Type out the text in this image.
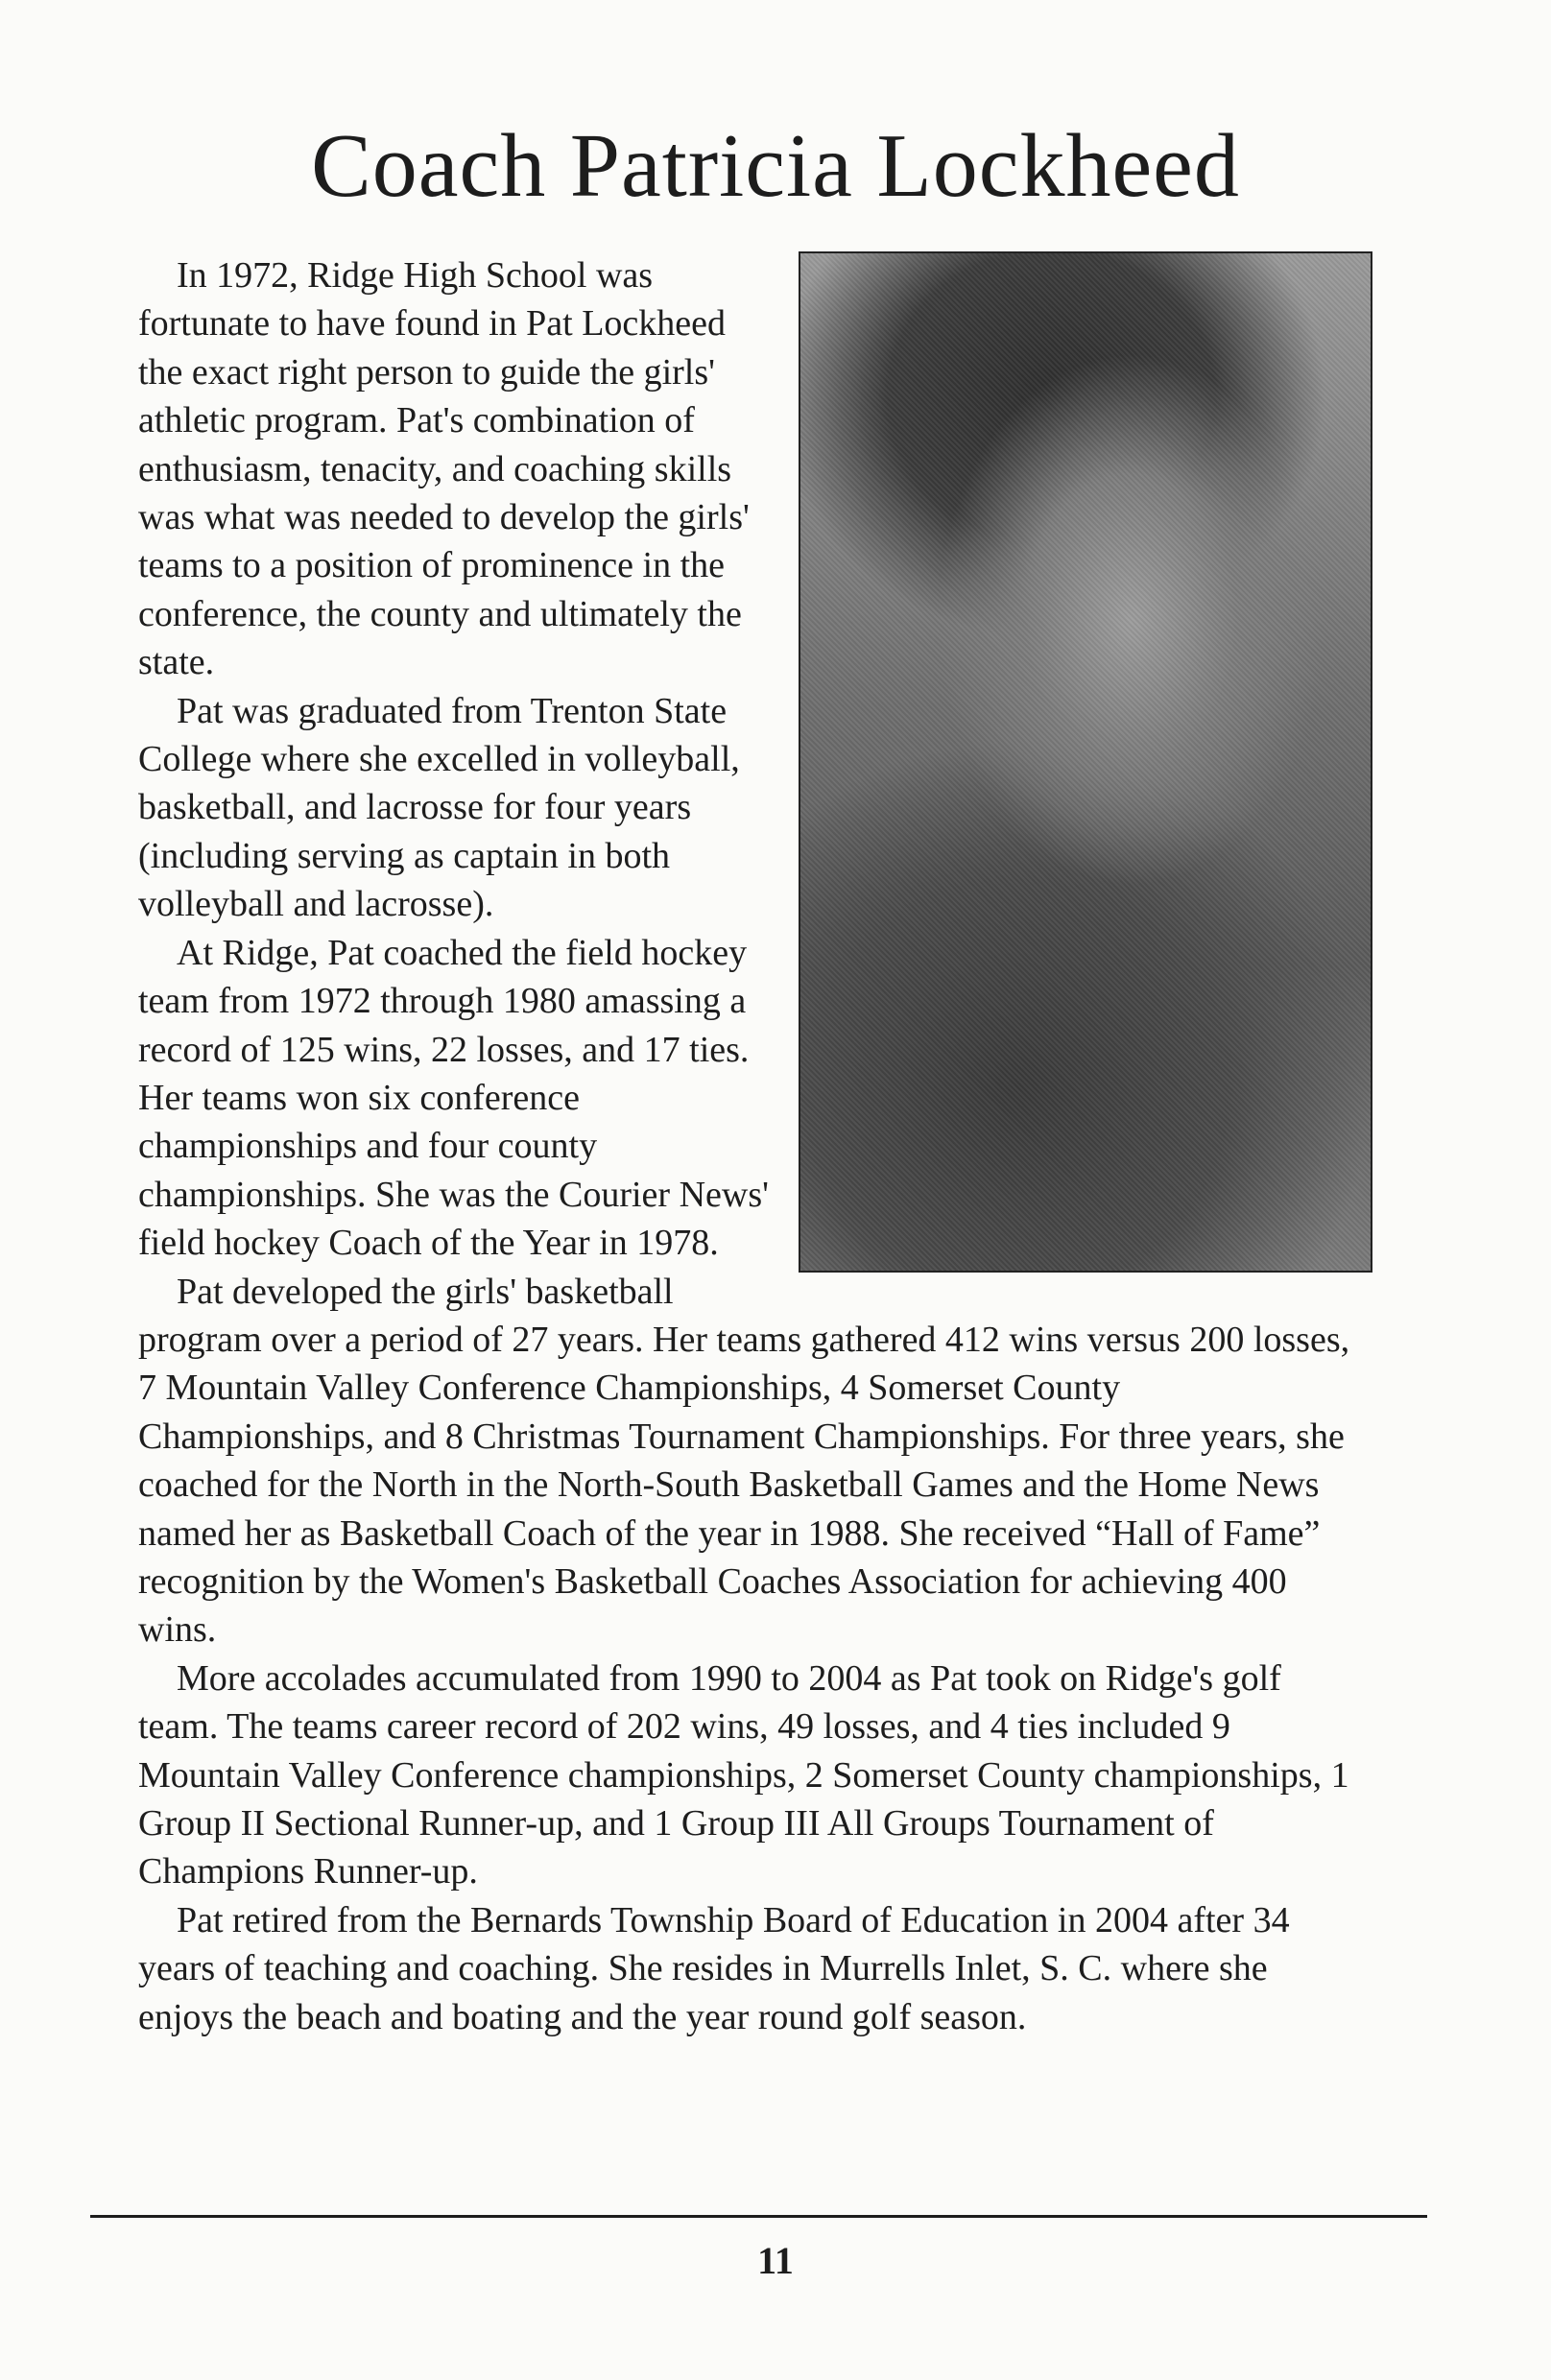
Coach Patricia Lockheed

In 1972, Ridge High School was fortunate to have found in Pat Lockheed the exact right person to guide the girls' athletic program. Pat's combination of enthusiasm, tenacity, and coaching skills was what was needed to develop the girls' teams to a position of prominence in the conference, the county and ultimately the state.

Pat was graduated from Trenton State College where she excelled in volleyball, basketball, and lacrosse for four years (including serving as captain in both volleyball and lacrosse).

At Ridge, Pat coached the field hockey team from 1972 through 1980 amassing a record of 125 wins, 22 losses, and 17 ties. Her teams won six conference championships and four county championships. She was the Courier News' field hockey Coach of the Year in 1978.

Pat developed the girls' basketball program over a period of 27 years. Her teams gathered 412 wins versus 200 losses, 7 Mountain Valley Conference Championships, 4 Somerset County Championships, and 8 Christmas Tournament Championships. For three years, she coached for the North in the North-South Basketball Games and the Home News named her as Basketball Coach of the year in 1988. She received “Hall of Fame” recognition by the Women's Basketball Coaches Association for achieving 400 wins.

More accolades accumulated from 1990 to 2004 as Pat took on Ridge's golf team. The teams career record of 202 wins, 49 losses, and 4 ties included 9 Mountain Valley Conference championships, 2 Somerset County championships, 1 Group II Sectional Runner-up, and 1 Group III All Groups Tournament of Champions Runner-up.

Pat retired from the Bernards Township Board of Education in 2004 after 34 years of teaching and coaching. She resides in Murrells Inlet, S. C. where she enjoys the beach and boating and the year round golf season.

11
